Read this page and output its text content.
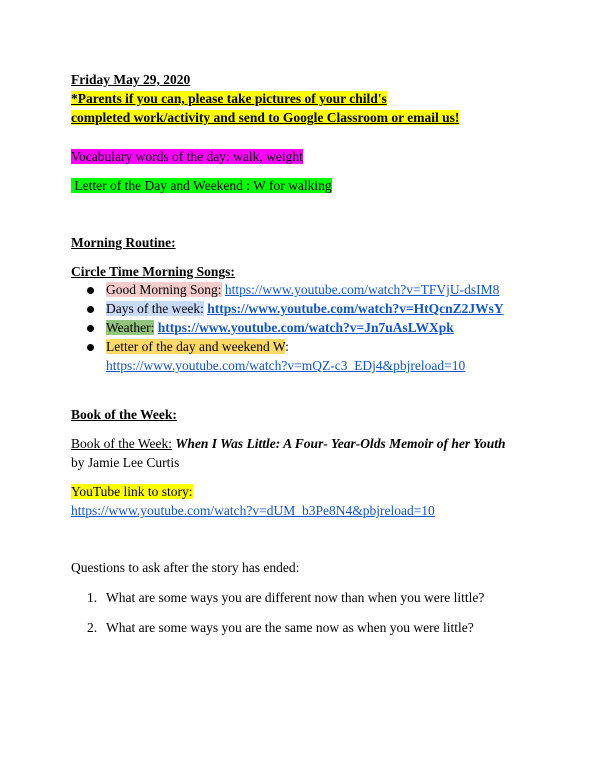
Friday May 29, 2020
*Parents if you can, please take pictures of your child's
completed work/activity and send to Google Classroom or email us!
Vocabulary words of the day: walk, weight
Letter of the Day and Weekend : W for walking
Morning Routine:
Circle Time Morning Songs:
Good Morning Song: https://www.youtube.com/watch?v=TFVjU-dsIM8
Days of the week: https://www.youtube.com/watch?v=HtQcnZ2JWsY
Weather: https://www.youtube.com/watch?v=Jn7uAsLWXpk
Letter of the day and weekend W:
https://www.youtube.com/watch?v=mQZ-c3_EDj4&pbjreload=10
Book of the Week:
Book of the Week: When I Was Little: A Four- Year-Olds Memoir of her Youth
by Jamie Lee Curtis
YouTube link to story:
https://www.youtube.com/watch?v=dUM_b3Pe8N4&pbjreload=10
Questions to ask after the story has ended:
1. What are some ways you are different now than when you were little?
2. What are some ways you are the same now as when you were little?
